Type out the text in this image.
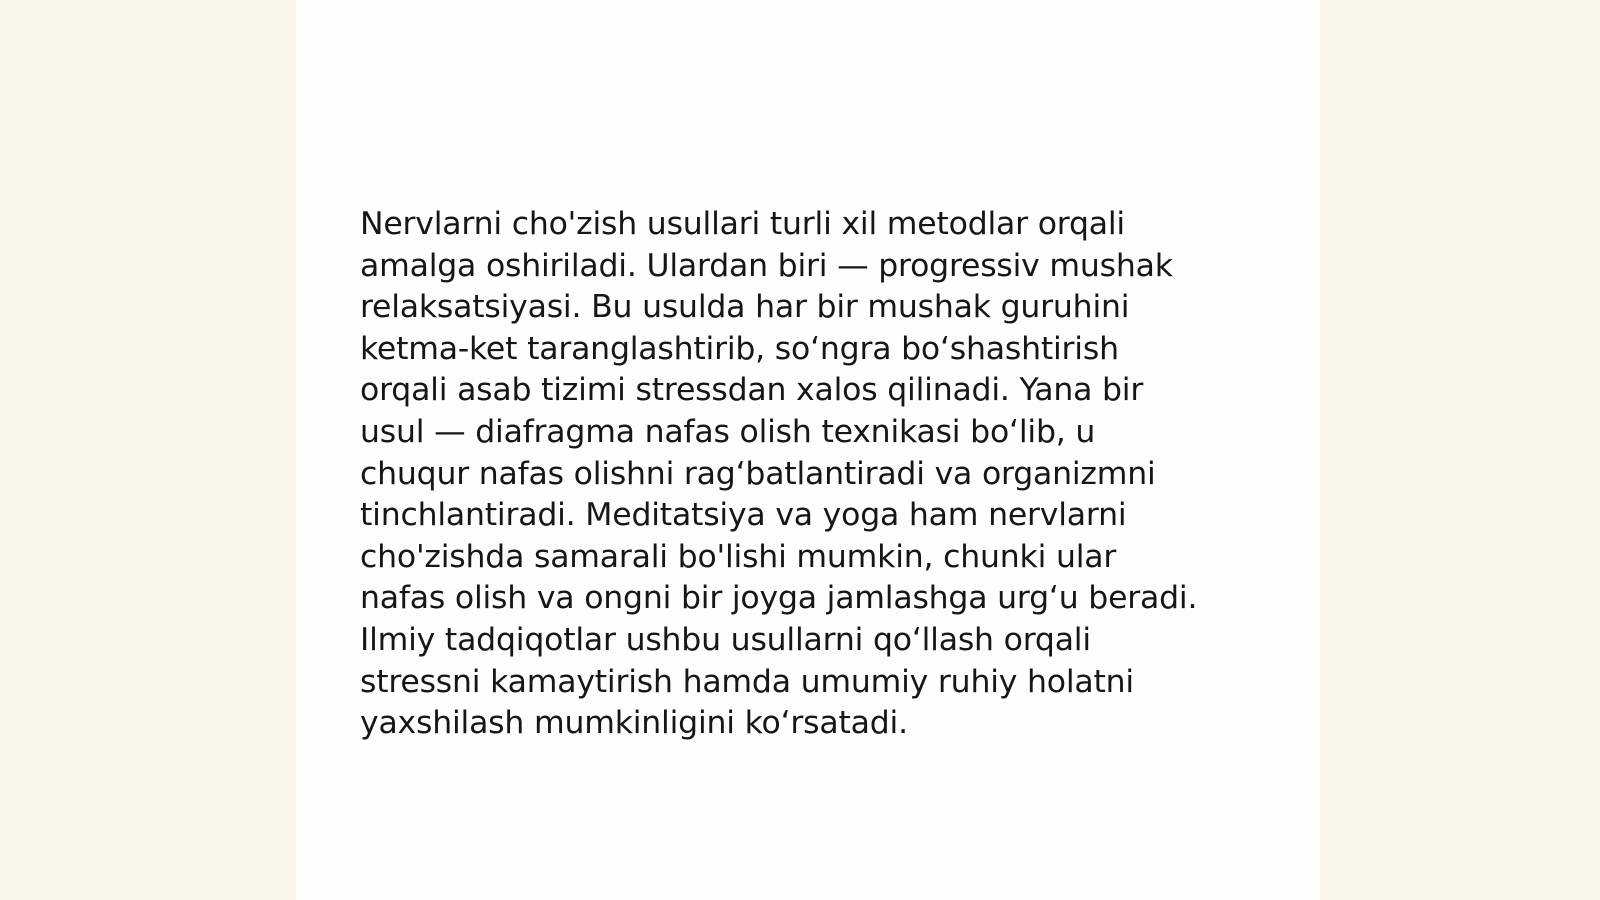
Nervlarni cho'zish usullari turli xil metodlar orqali
amalga oshiriladi. Ulardan biri — progressiv mushak
relaksatsiyasi. Bu usulda har bir mushak guruhini
ketma-ket taranglashtirib, so‘ngra bo‘shashtirish
orqali asab tizimi stressdan xalos qilinadi. Yana bir
usul — diafragma nafas olish texnikasi bo‘lib, u
chuqur nafas olishni rag‘batlantiradi va organizmni
tinchlantiradi. Meditatsiya va yoga ham nervlarni
cho'zishda samarali bo'lishi mumkin, chunki ular
nafas olish va ongni bir joyga jamlashga urg‘u beradi.
Ilmiy tadqiqotlar ushbu usullarni qo‘llash orqali
stressni kamaytirish hamda umumiy ruhiy holatni
yaxshilash mumkinligini ko‘rsatadi.
